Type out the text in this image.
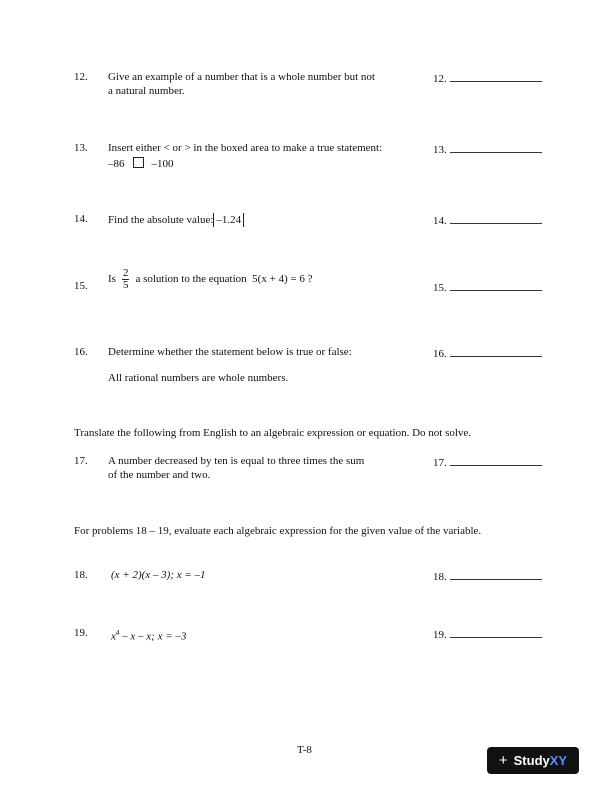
12. Give an example of a number that is a whole number but not
a natural number.
12.
13. Insert either < or > in the boxed area to make a true statement:
–86 –100
13.
14. Find the absolute value: –1.24	14.
15.
Is $\frac{2}{5}$ a solution to the equation 5(x + 4) = 6 ?
15.
16. Determine whether the statement below is true or false:
All rational numbers are whole numbers.
16.
Translate the following from English to an algebraic expression or equation. Do not solve.
17. A number decreased by ten is equal to three times the sum
of the number and two.
17.
For problems 18 – 19, evaluate each algebraic expression for the given value of the variable.
18. (x + 2)(x – 3); x = –1	18.
19. $x^4$ – x – x; x = –3	19.
T-8
+ Study XY
